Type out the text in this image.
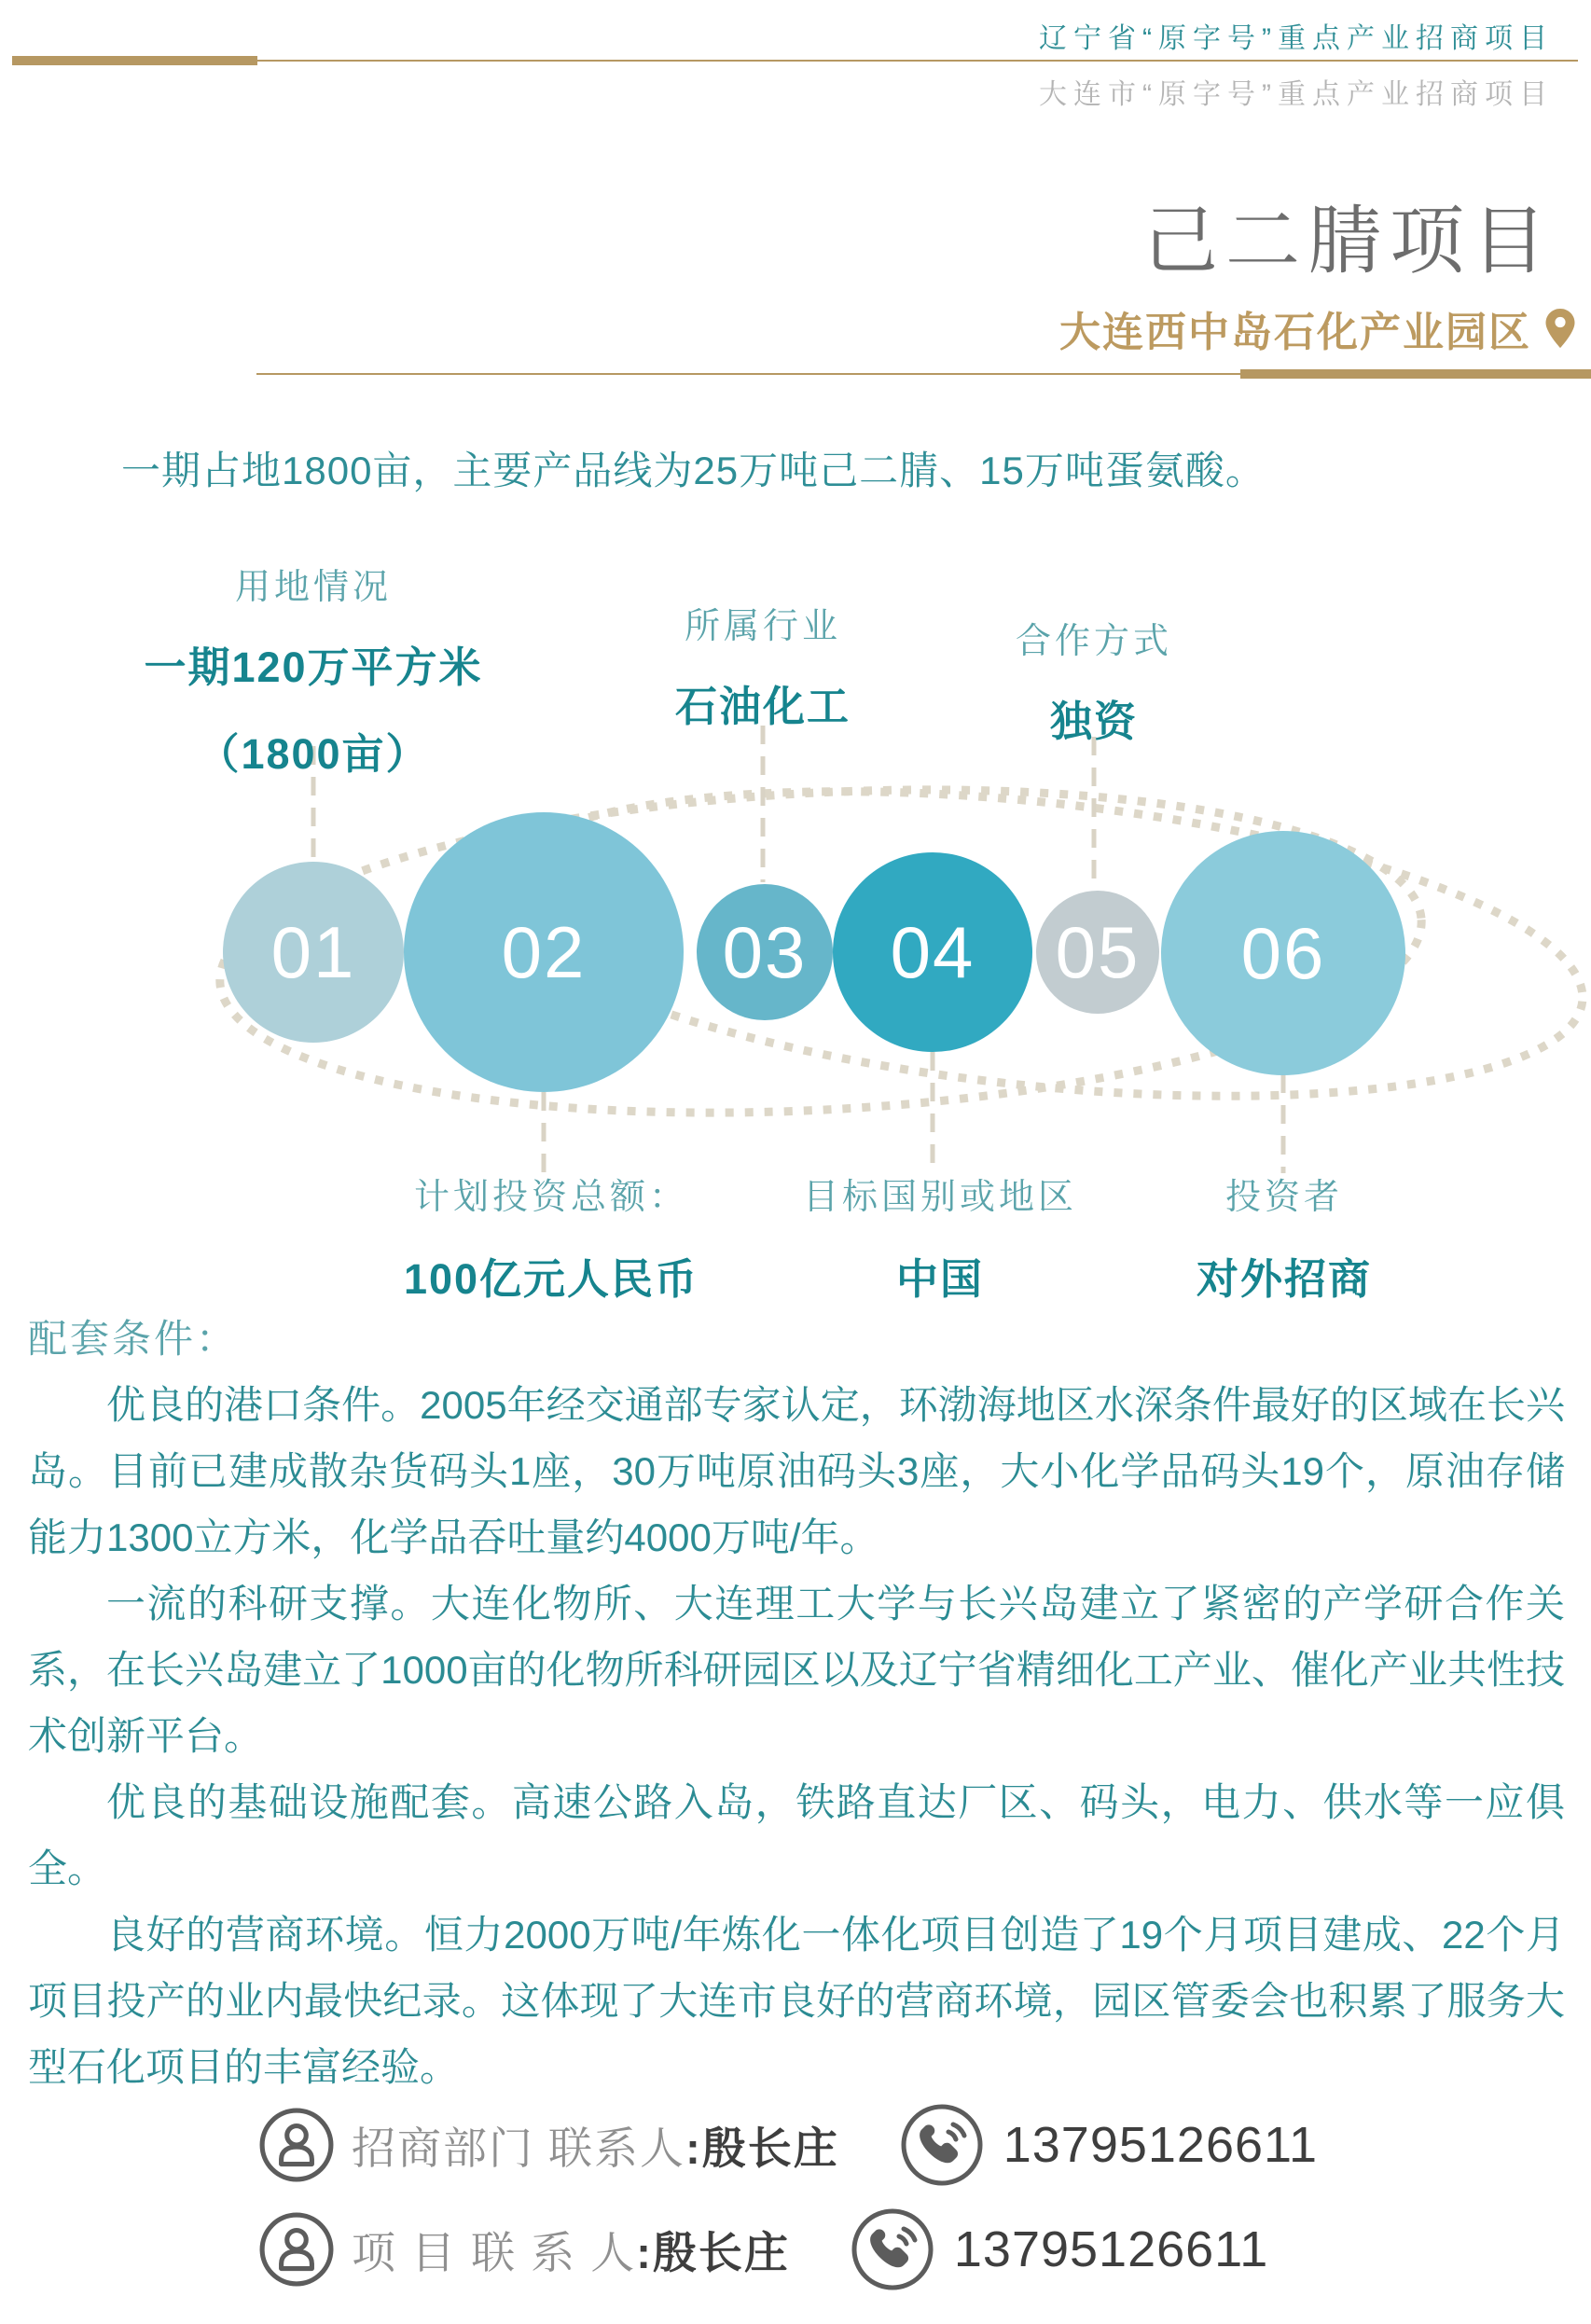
辽宁省“原字号”重点产业招商项目
大连市“原字号”重点产业招商项目
己二腈项目
大连西中岛石化产业园区
一期占地1800亩，主要产品线为25万吨己二腈、15万吨蛋氨酸。
01 02 03 04 05 06
用地情况
一期120万平方米
（1800亩）
所属行业
石油化工
合作方式
独资
计划投资总额：
100亿元人民币
目标国别或地区
中国
投资者
对外招商
配套条件：

优良的港口条件。2005年经交通部专家认定，环渤海地区水深条件最好的区域在长兴岛。目前已建成散杂货码头1座，30万吨原油码头3座，大小化学品码头19个，原油存储能力1300立方米，化学品吞吐量约4000万吨/年。

一流的科研支撑。大连化物所、大连理工大学与长兴岛建立了紧密的产学研合作关系，在长兴岛建立了1000亩的化物所科研园区以及辽宁省精细化工产业、催化产业共性技术创新平台。

优良的基础设施配套。高速公路入岛，铁路直达厂区、码头，电力、供水等一应俱全。

良好的营商环境。恒力2000万吨/年炼化一体化项目创造了19个月项目建成、22个月项目投产的业内最快纪录。这体现了大连市良好的营商环境，园区管委会也积累了服务大型石化项目的丰富经验。

招商部门 联系人 :殷长庄	13795126611
项 目 联 系 人 :殷长庄	13795126611
